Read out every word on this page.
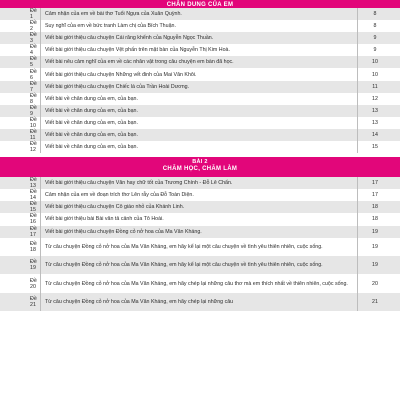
CHÂN DUNG CỦA EM
Đề 1	Cảm nhận của em về bài thơ Tuổi Ngựa của Xuân Quỳnh.	8
Đề 2	Suy nghĩ của em về bức tranh Làm chị của Bích Thuận.	8
Đề 3	Viết bài giới thiệu câu chuyện Cái răng khểnh của Nguyễn Ngọc Thuần.	9
Đề 4	Viết bài giới thiệu câu chuyện Vệt phấn trên mặt bàn của Nguyễn Thị Kim Hoà.	9
Đề 5	Viết bài nêu cảm nghĩ của em về các nhân vật trong câu chuyện em bàn đã học.	10
Đề 6	Viết bài giới thiệu câu chuyện Những vết đinh của Mai Văn Khôi.	10
Đề 7	Viết bài giới thiệu câu chuyện Chiếc lá của Trần Hoài Dương.	11
Đề 8	Viết bài về chân dung của em, của bạn.	12
Đề 9	Viết bài về chân dung của em, của bạn.	13
Đề 10	Viết bài về chân dung của em, của bạn.	13
Đề 11	Viết bài về chân dung của em, của bạn.	14
Đề 12	Viết bài về chân dung của em, của bạn.	15
BÀI 2
CHĂM HỌC, CHĂM LÀM
Đề 13	Viết bài giới thiệu câu chuyện Văn hay chữ tốt của Trương Chính - Đỗ Lê Chẩn.	17
Đề 14	Cảm nhận của em về đoạn trích thơ Lên rẫy của Đỗ Toàn Diện.	17
Đề 15	Viết bài giới thiệu câu chuyện Cô giáo nhỏ của Khánh Linh.	18
Đề 16	Viết bài giới thiệu bài Bài văn tả cảnh của Tô Hoài.	18
Đề 17	Viết bài giới thiệu câu chuyện Đồng cỏ nở hoa của Ma Văn Kháng.	19
Đề 18	Từ câu chuyện Đồng cỏ nở hoa của Ma Văn Kháng, em hãy kể lại một câu chuyện về tình yêu thiên nhiên, cuộc sống.	19
Đề 19	Từ câu chuyện Đồng cỏ nở hoa của Ma Văn Kháng, em hãy kể lại một câu chuyện về tình yêu thiên nhiên, cuộc sống.	19
Đề 20	Từ câu chuyện Đồng cỏ nở hoa của Ma Văn Kháng, em hãy chép lại những câu thơ mà em thích nhất về thiên nhiên, cuộc sống.	20
Đề 21	Từ câu chuyện Đồng cỏ nở hoa của Ma Văn Kháng, em hãy chép lại những câu	21
